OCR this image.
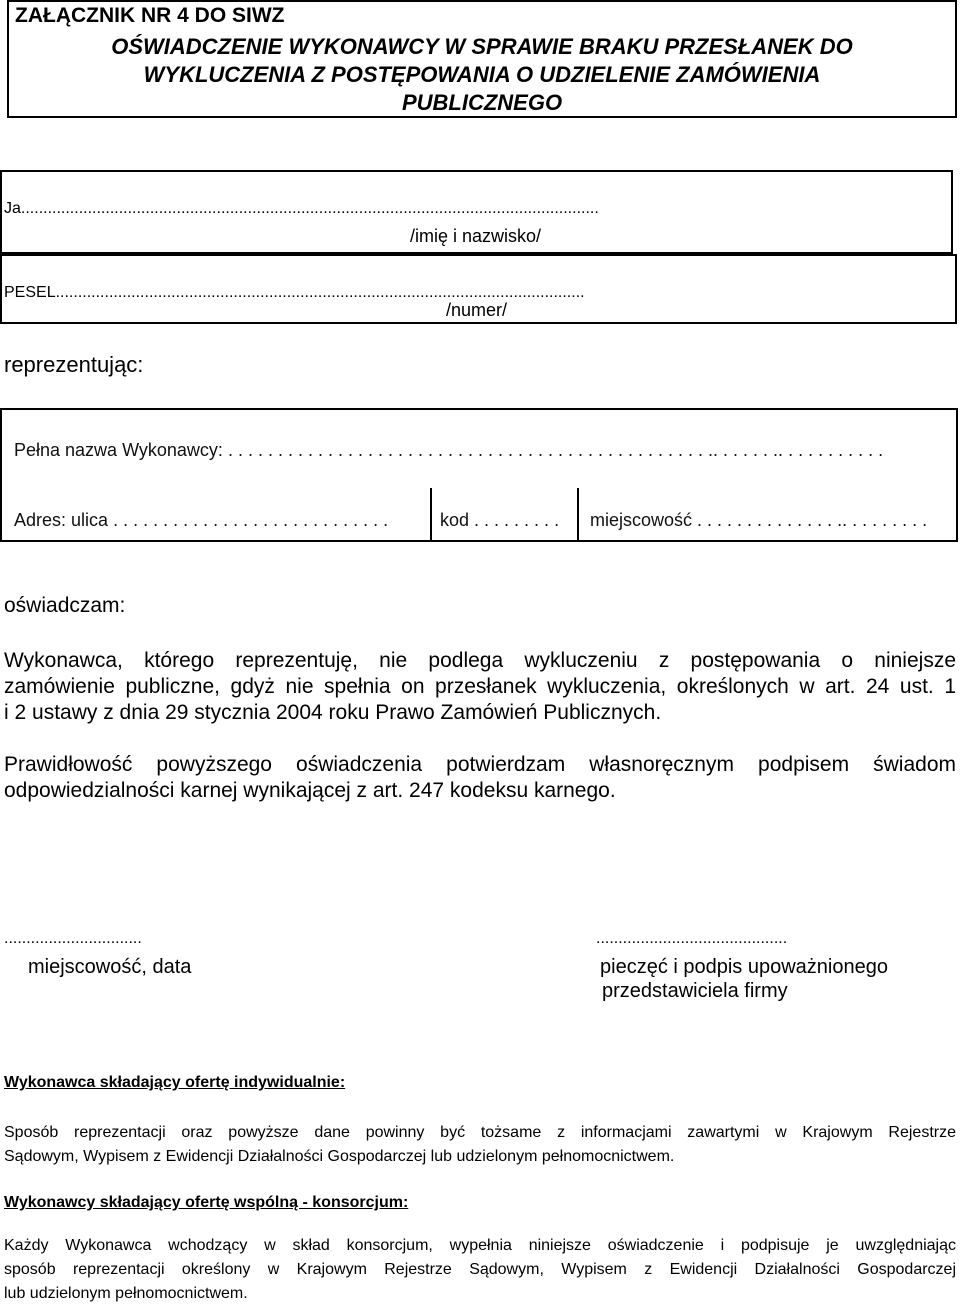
ZAŁĄCZNIK NR 4 DO SIWZ
OŚWIADCZENIE WYKONAWCY W SPRAWIE BRAKU PRZESŁANEK DO
WYKLUCZENIA Z POSTĘPOWANIA O UDZIELENIE ZAMÓWIENIA
PUBLICZNEGO
Ja..................................................................................................................................
/imię i nazwisko/
PESEL.......................................................................................................................
/numer/
reprezentując:
Pełna nazwa Wykonawcy: . . . . . . . . . . . . . . . . . . . . . . . . . . . . . . . . . . . . . . . . . . . . . . . . .. . . . . . .. . . . . . . . . . .
Adres: ulica . . . . . . . . . . . . . . . . . . . . . . . . . . . .	kod . . . . . . . . . miejscowość . . . . . . . . . . . . . . .. . . . . . . . .
oświadczam:
Wykonawca, którego reprezentuję, nie podlega wykluczeniu z postępowania o niniejsze
zamówienie publiczne, gdyż nie spełnia on przesłanek wykluczenia, określonych w art. 24 ust. 1
i 2 ustawy z dnia 29 stycznia 2004 roku Prawo Zamówień Publicznych.
Prawidłowość powyższego oświadczenia potwierdzam własnoręcznym podpisem świadom
odpowiedzialności karnej wynikającej z art. 247 kodeksu karnego.
...............................
miejscowość, data
...........................................
pieczęć i podpis upoważnionego
przedstawiciela firmy
Wykonawca składający ofertę indywidualnie:
Sposób reprezentacji oraz powyższe dane powinny być tożsame z informacjami zawartymi w Krajowym Rejestrze
Sądowym, Wypisem z Ewidencji Działalności Gospodarczej lub udzielonym pełnomocnictwem.
Wykonawcy składający ofertę wspólną - konsorcjum:
Każdy Wykonawca wchodzący w skład konsorcjum, wypełnia niniejsze oświadczenie i podpisuje je uwzględniając
sposób reprezentacji określony w Krajowym Rejestrze Sądowym, Wypisem z Ewidencji Działalności Gospodarczej
lub udzielonym pełnomocnictwem.
